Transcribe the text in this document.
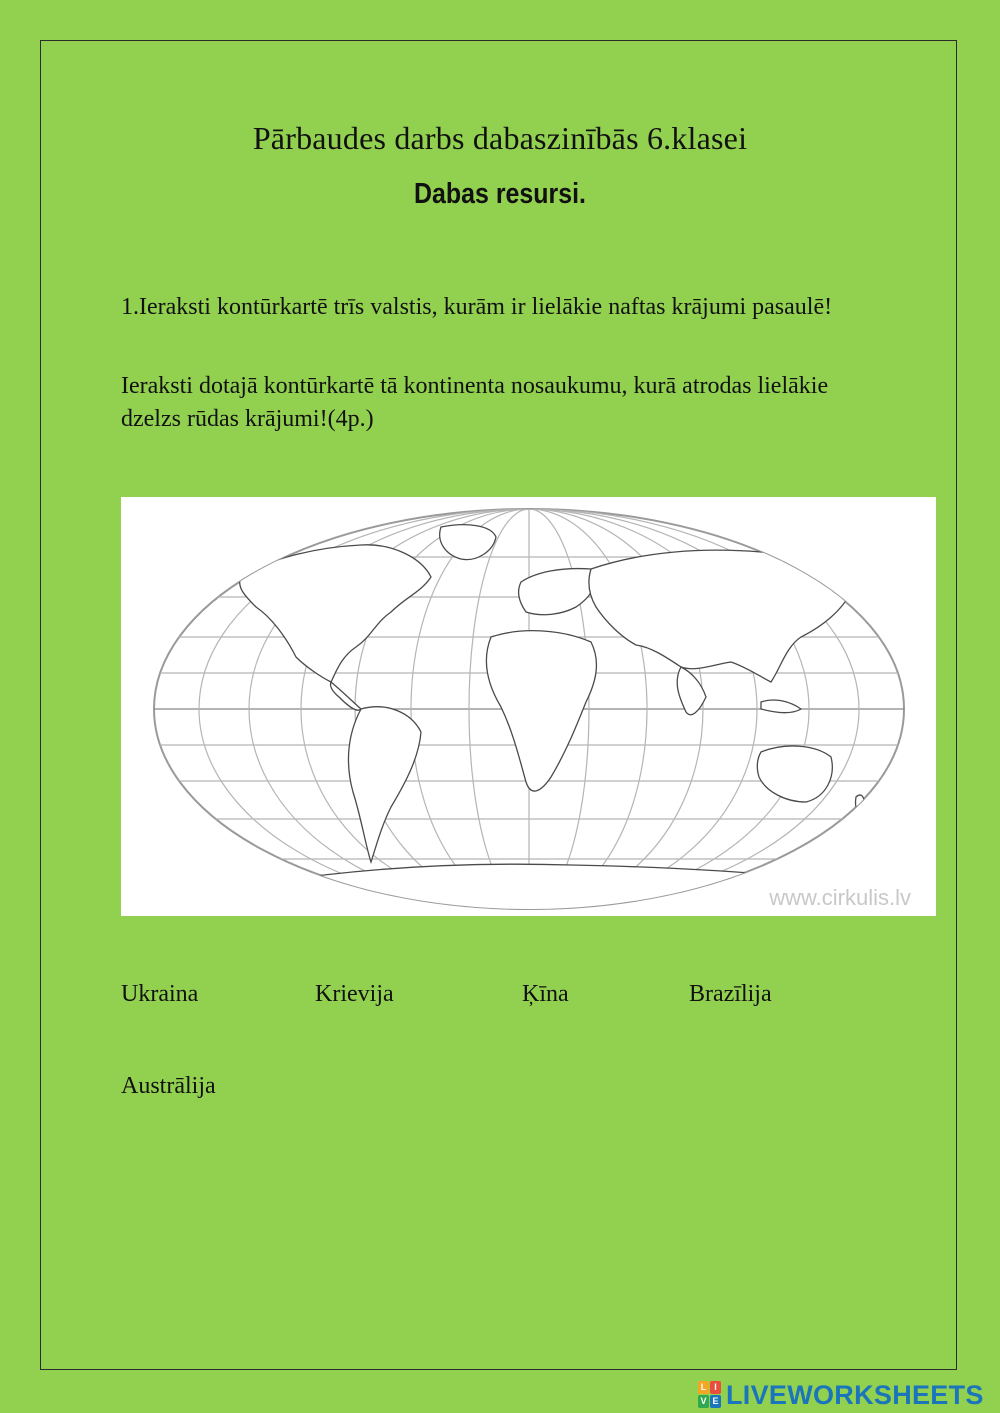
Pārbaudes darbs dabaszinībās 6.klasei
Dabas resursi.
1.Ieraksti kontūrkartē trīs valstis, kurām ir lielākie naftas krājumi pasaulē!
Ieraksti dotajā kontūrkartē tā kontinenta nosaukumu, kurā atrodas lielākie dzelzs rūdas krājumi!(4p.)
www.cirkulis.lv
Ukraina	Krievija	Ķīna	Brazīlija
Austrālija
L I
V E LIVEWORKSHEETS
